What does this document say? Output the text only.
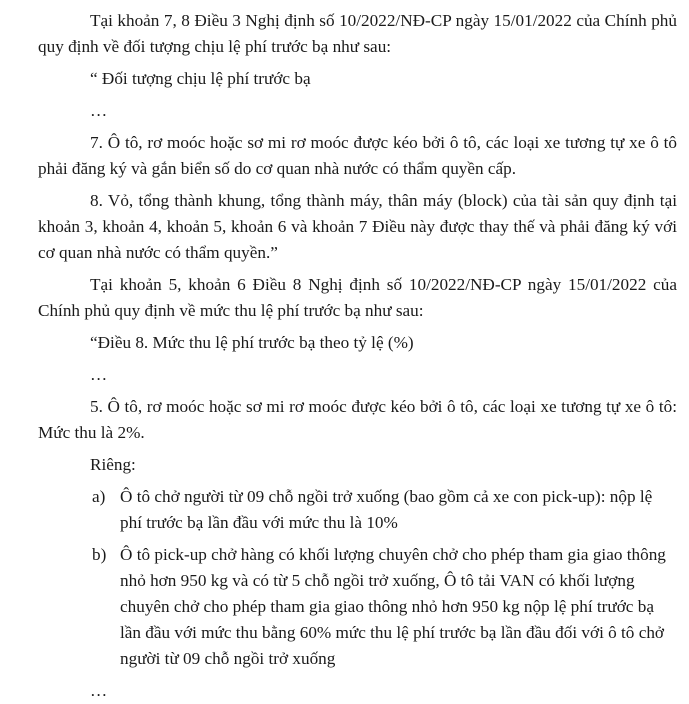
Tại khoản 7, 8 Điều 3 Nghị định số 10/2022/NĐ-CP ngày 15/01/2022 của Chính phủ quy định về đối tượng chịu lệ phí trước bạ như sau:

“ Đối tượng chịu lệ phí trước bạ

…

7. Ô tô, rơ moóc hoặc sơ mi rơ moóc được kéo bởi ô tô, các loại xe tương tự xe ô tô phải đăng ký và gắn biển số do cơ quan nhà nước có thẩm quyền cấp.

8. Vỏ, tổng thành khung, tổng thành máy, thân máy (block) của tài sản quy định tại khoản 3, khoản 4, khoản 5, khoản 6 và khoản 7 Điều này được thay thế và phải đăng ký với cơ quan nhà nước có thẩm quyền.”

Tại khoản 5, khoản 6 Điều 8 Nghị định số 10/2022/NĐ-CP ngày 15/01/2022 của Chính phủ quy định về mức thu lệ phí trước bạ như sau:

“Điều 8. Mức thu lệ phí trước bạ theo tỷ lệ (%)

…

5. Ô tô, rơ moóc hoặc sơ mi rơ moóc được kéo bởi ô tô, các loại xe tương tự xe ô tô: Mức thu là 2%.

Riêng:

a) Ô tô chở người từ 09 chỗ ngồi trở xuống (bao gồm cả xe con pick-up): nộp lệ phí trước bạ lần đầu với mức thu là 10%
b) Ô tô pick-up chở hàng có khối lượng chuyên chở cho phép tham gia giao thông nhỏ hơn 950 kg và có từ 5 chỗ ngồi trở xuống, Ô tô tải VAN có khối lượng chuyên chở cho phép tham gia giao thông nhỏ hơn 950 kg nộp lệ phí trước bạ lần đầu với mức thu bằng 60% mức thu lệ phí trước bạ lần đầu đối với ô tô chở người từ 09 chỗ ngồi trở xuống

…
